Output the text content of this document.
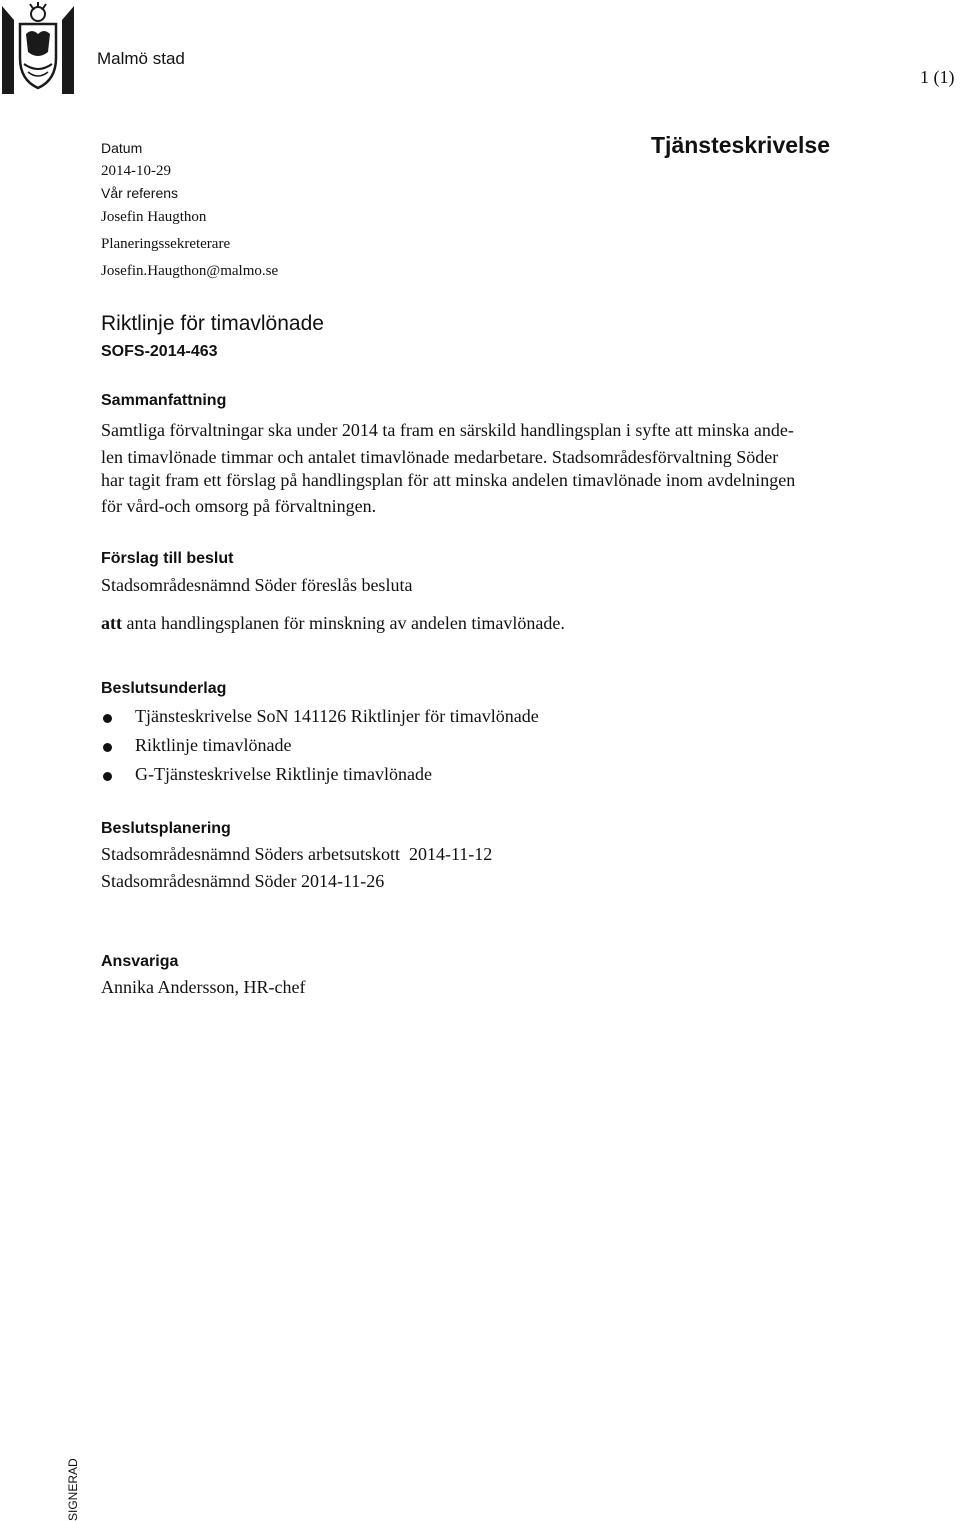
Malmö stad
1 (1)
Tjänsteskrivelse
Datum
2014-10-29
Vår referens
Josefin Haugthon
Planeringssekreterare
Josefin.Haugthon@malmo.se
Riktlinje för timavlönade
SOFS-2014-463
Sammanfattning
Samtliga förvaltningar ska under 2014 ta fram en särskild handlingsplan i syfte att minska ande-
len timavlönade timmar och antalet timavlönade medarbetare. Stadsområdesförvaltning Söder
har tagit fram ett förslag på handlingsplan för att minska andelen timavlönade inom avdelningen
för vård-och omsorg på förvaltningen.
Förslag till beslut
Stadsområdesnämnd Söder föreslås besluta
att anta handlingsplanen för minskning av andelen timavlönade.
Beslutsunderlag
Tjänsteskrivelse SoN 141126 Riktlinjer för timavlönade
Riktlinje timavlönade
G-Tjänsteskrivelse Riktlinje timavlönade
Beslutsplanering
Stadsområdesnämnd Söders arbetsutskott  2014-11-12
Stadsområdesnämnd Söder 2014-11-26
Ansvariga
Annika Andersson, HR-chef
SIGNERAD
